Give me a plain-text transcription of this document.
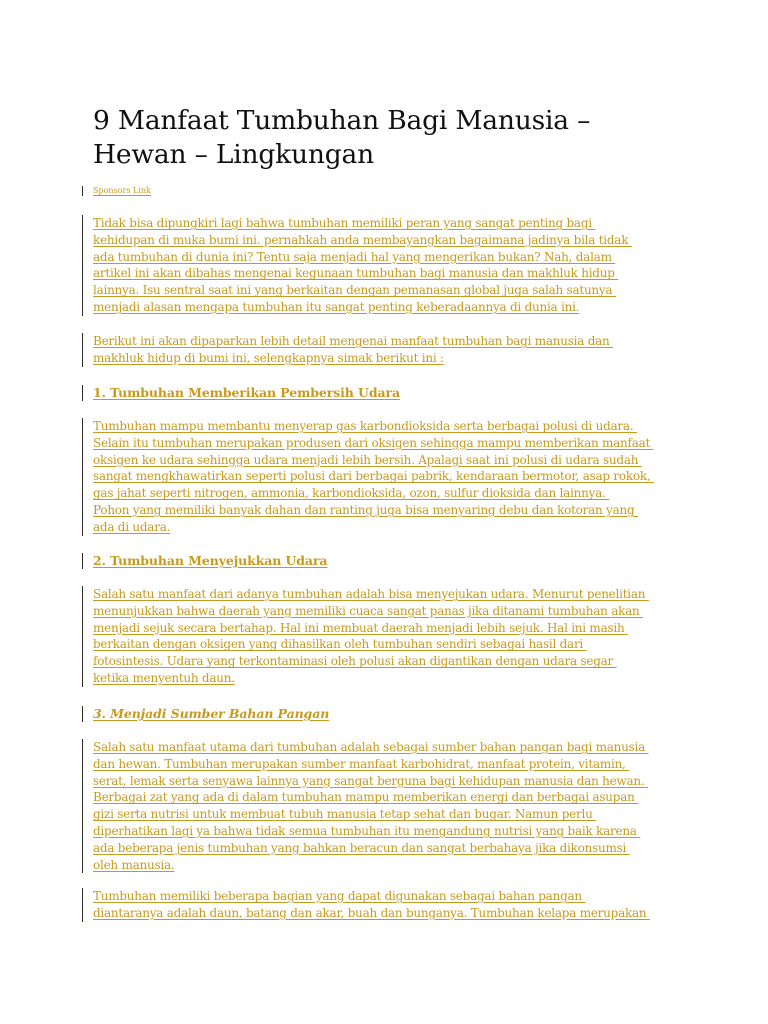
9 Manfaat Tumbuhan Bagi Manusia – Hewan – Lingkungan
Sponsors Link
Tidak bisa dipungkiri lagi bahwa tumbuhan memiliki peran yang sangat penting bagi
kehidupan di muka bumi ini. pernahkah anda membayangkan bagaimana jadinya bila tidak
ada tumbuhan di dunia ini? Tentu saja menjadi hal yang mengerikan bukan? Nah, dalam
artikel ini akan dibahas mengenai kegunaan tumbuhan bagi manusia dan makhluk hidup
lainnya. Isu sentral saat ini yang berkaitan dengan pemanasan global juga salah satunya
menjadi alasan mengapa tumbuhan itu sangat penting keberadaannya di dunia ini.
Berikut ini akan dipaparkan lebih detail mengenai manfaat tumbuhan bagi manusia dan
makhluk hidup di bumi ini, selengkapnya simak berikut ini :
1. Tumbuhan Memberikan Pembersih Udara
Tumbuhan mampu membantu menyerap gas karbondioksida serta berbagai polusi di udara.
Selain itu tumbuhan merupakan produsen dari oksigen sehingga mampu memberikan manfaat
oksigen ke udara sehingga udara menjadi lebih bersih. Apalagi saat ini polusi di udara sudah
sangat mengkhawatirkan seperti polusi dari berbagai pabrik, kendaraan bermotor, asap rokok,
gas jahat seperti nitrogen, ammonia, karbondioksida, ozon, sulfur dioksida dan lainnya.
Pohon yang memiliki banyak dahan dan ranting juga bisa menyaring debu dan kotoran yang
ada di udara.
2. Tumbuhan Menyejukkan Udara
Salah satu manfaat dari adanya tumbuhan adalah bisa menyejukan udara. Menurut penelitian
menunjukkan bahwa daerah yang memiliki cuaca sangat panas jika ditanami tumbuhan akan
menjadi sejuk secara bertahap. Hal ini membuat daerah menjadi lebih sejuk. Hal ini masih
berkaitan dengan oksigen yang dihasilkan oleh tumbuhan sendiri sebagai hasil dari
fotosintesis. Udara yang terkontaminasi oleh polusi akan digantikan dengan udara segar
ketika menyentuh daun.
3. Menjadi Sumber Bahan Pangan
Salah satu manfaat utama dari tumbuhan adalah sebagai sumber bahan pangan bagi manusia
dan hewan. Tumbuhan merupakan sumber manfaat karbohidrat, manfaat protein, vitamin,
serat, lemak serta senyawa lainnya yang sangat berguna bagi kehidupan manusia dan hewan.
Berbagai zat yang ada di dalam tumbuhan mampu memberikan energi dan berbagai asupan
gizi serta nutrisi untuk membuat tubuh manusia tetap sehat dan bugar. Namun perlu
diperhatikan lagi ya bahwa tidak semua tumbuhan itu mengandung nutrisi yang baik karena
ada beberapa jenis tumbuhan yang bahkan beracun dan sangat berbahaya jika dikonsumsi
oleh manusia.
Tumbuhan memiliki beberapa bagian yang dapat digunakan sebagai bahan pangan
diantaranya adalah daun, batang dan akar, buah dan bunganya. Tumbuhan kelapa merupakan
